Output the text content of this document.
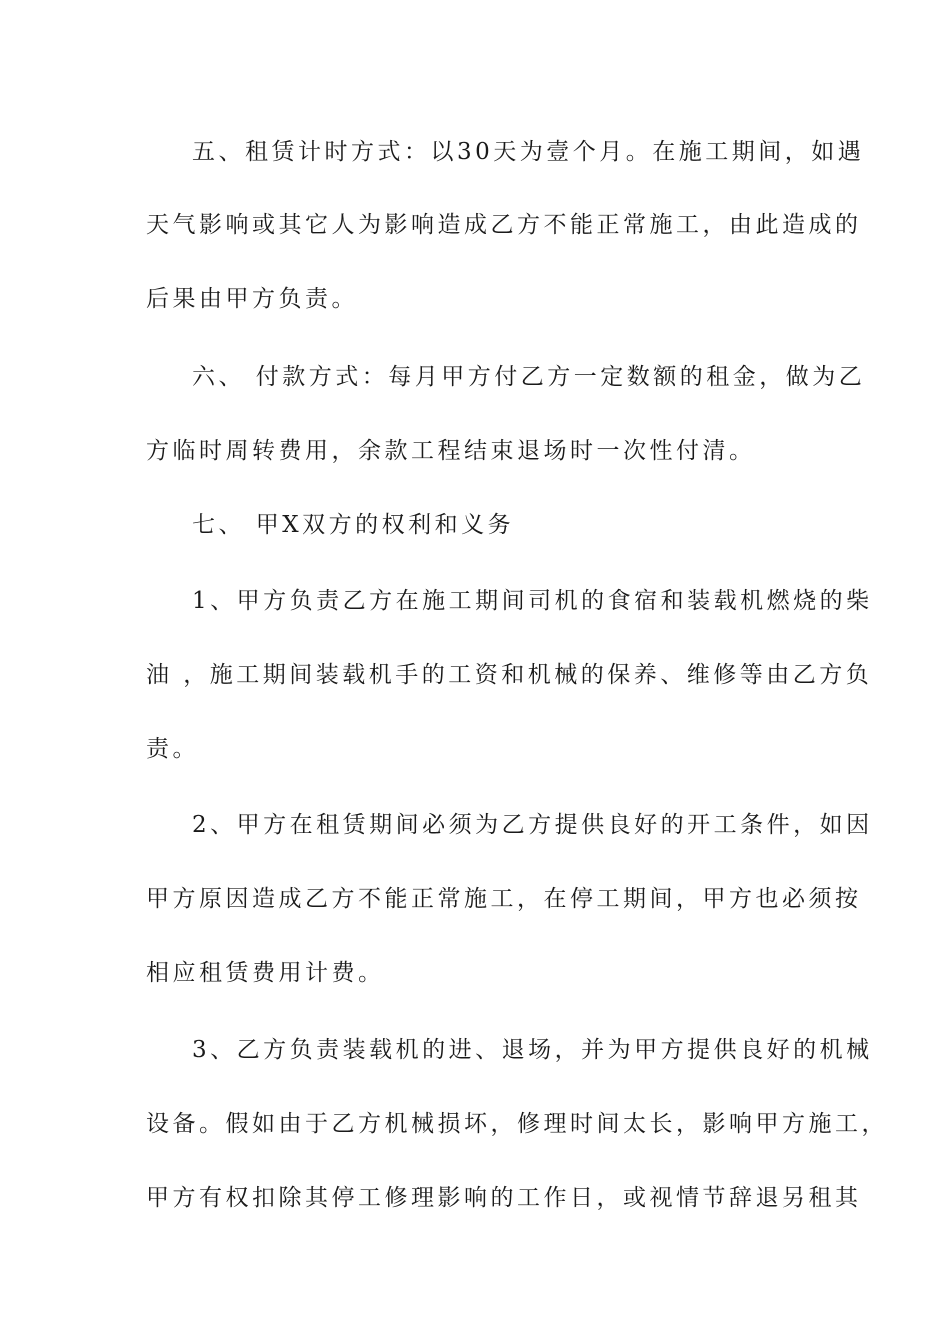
五、租赁计时方式：以30天为壹个月。在施工期间，如遇
天气影响或其它人为影响造成乙方不能正常施工，由此造成的
后果由甲方负责。
六、 付款方式：每月甲方付乙方一定数额的租金，做为乙
方临时周转费用，余款工程结束退场时一次性付清。
七、 甲X双方的权利和义务
1、甲方负责乙方在施工期间司机的食宿和装载机燃烧的柴
油 ，施工期间装载机手的工资和机械的保养、维修等由乙方负
责。
2、甲方在租赁期间必须为乙方提供良好的开工条件，如因
甲方原因造成乙方不能正常施工，在停工期间，甲方也必须按
相应租赁费用计费。
3、乙方负责装载机的进、退场，并为甲方提供良好的机械
设备。假如由于乙方机械损坏，修理时间太长，影响甲方施工，
甲方有权扣除其停工修理影响的工作日，或视情节辞退另租其
